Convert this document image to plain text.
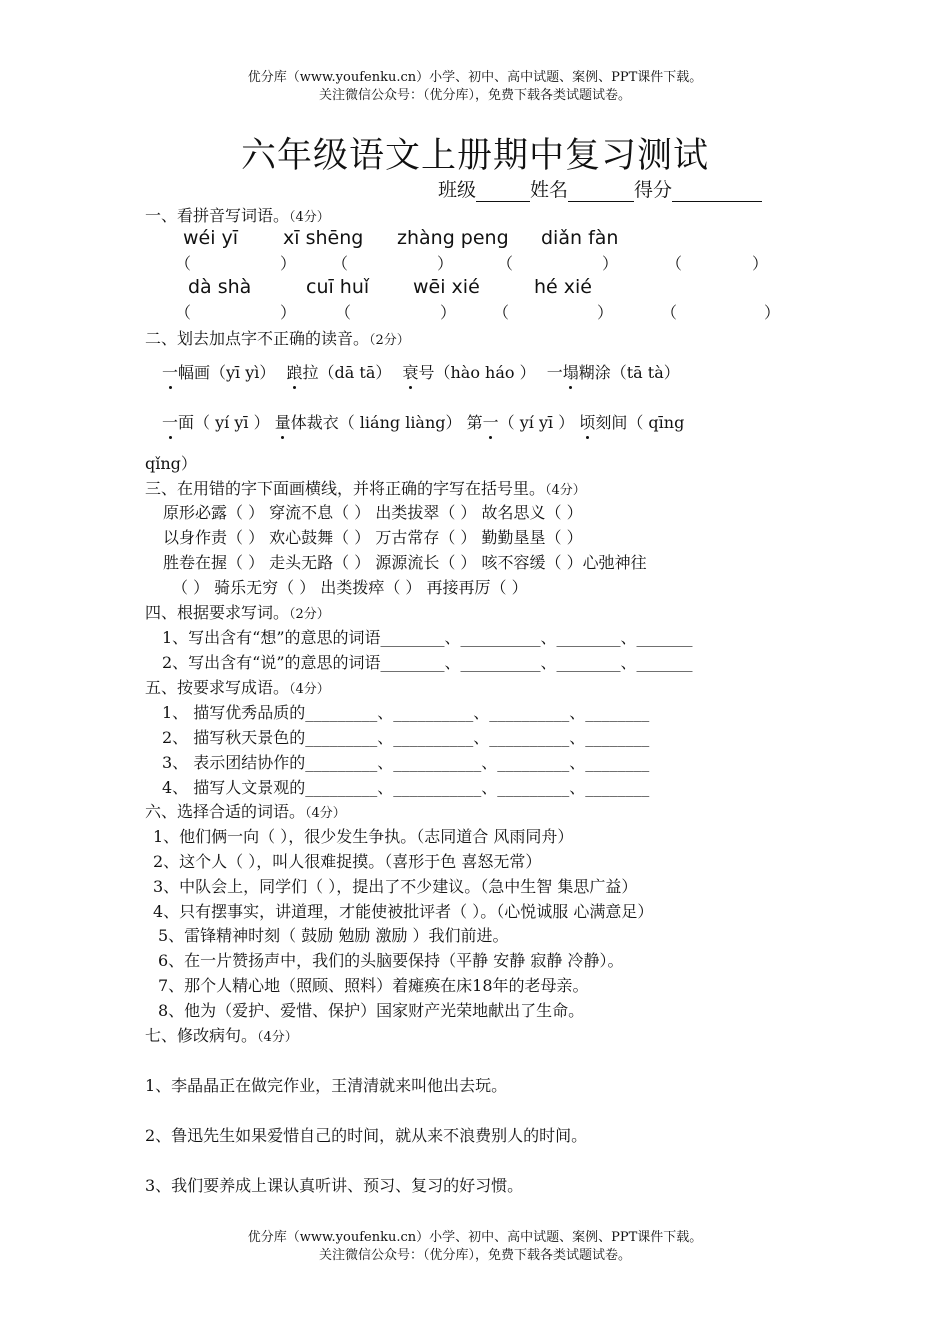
优分库（www.youfenku.cn）小学、初中、高中试题、案例、PPT课件下载。
关注微信公众号：（优分库），免费下载各类试题试卷。
六年级语文上册期中复习测试
班级	姓名	得分
一、看拼音写词语。（4分）
wéi yī xī shēng zhàng peng diǎn fàn
（	） （	）	（	）	（	）
dà shà	cuī huǐ wēi xié	hé xié
（	） （	） （	）	（	）
二、划去加点字不正确的读音。（2分）
一幅画（yī yì） 踉拉（dā tā） 衰号（hào háo ） 一塌糊涂（tā tà）
一面（ yí yī ） 量体裁衣（ liáng liàng） 第一（ yí yī ） 顷刻间（ qīng
qǐng）
三、在用错的字下面画横线，并将正确的字写在括号里。（4分）
原形必露（ ） 穿流不息（ ） 出类拔翠（ ） 故名思义（ ）
以身作责（ ） 欢心鼓舞（ ） 万古常存（ ） 勤勤垦垦（ ）
胜卷在握（ ） 走头无路（ ） 源源流长（ ） 咳不容缓（ ）心弛神往
（ ） 骑乐无穷（ ） 出类拨瘁（ ） 再接再厉（ ）
四、根据要求写词。（2分）
1、写出含有“想”的意思的词语________、__________、________、_______
2、写出含有“说”的意思的词语________、__________、________、_______
五、按要求写成语。（4分）
1、 描写优秀品质的_________、__________、__________、________
2、 描写秋天景色的_________、__________、__________、________
3、 表示团结协作的_________、___________、_________、________
4、 描写人文景观的_________、___________、_________、________
六、选择合适的词语。（4分）
1、他们俩一向（ ），很少发生争执。（志同道合 风雨同舟）
2、这个人（ ），叫人很难捉摸。（喜形于色 喜怒无常）
3、中队会上，同学们（ ），提出了不少建议。（急中生智 集思广益）
4、只有摆事实，讲道理，才能使被批评者（ ）。（心悦诚服 心满意足）
5、雷锋精神时刻（ 鼓励 勉励 激励 ）我们前进。
6、在一片赞扬声中，我们的头脑要保持（平静 安静 寂静 冷静）。
7、那个人精心地（照顾、照料）着瘫痪在床18年的老母亲。
8、他为（爱护、爱惜、保护）国家财产光荣地献出了生命。
七、修改病句。（4分）
1、李晶晶正在做完作业，王清清就来叫他出去玩。
2、鲁迅先生如果爱惜自己的时间，就从来不浪费别人的时间。
3、我们要养成上课认真听讲、预习、复习的好习惯。
优分库（www.youfenku.cn）小学、初中、高中试题、案例、PPT课件下载。
关注微信公众号：（优分库），免费下载各类试题试卷。
